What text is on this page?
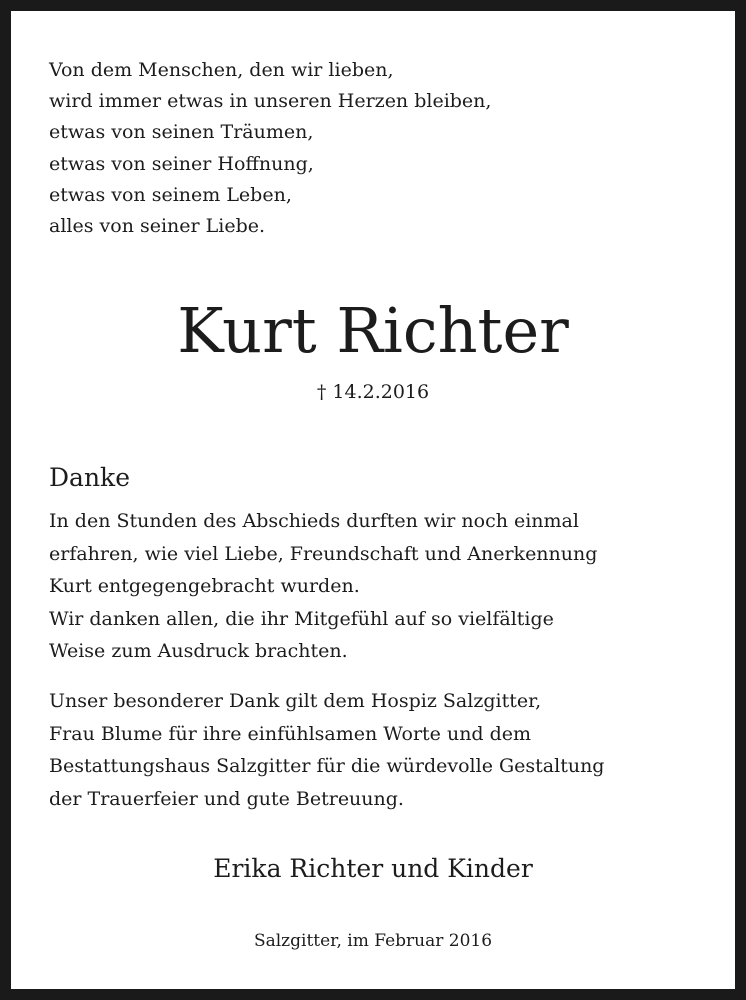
Von dem Menschen, den wir lieben,
wird immer etwas in unseren Herzen bleiben,
etwas von seinen Träumen,
etwas von seiner Hoffnung,
etwas von seinem Leben,
alles von seiner Liebe.
Kurt Richter
† 14.2.2016
Danke
In den Stunden des Abschieds durften wir noch einmal
erfahren, wie viel Liebe, Freundschaft und Anerkennung
Kurt entgegengebracht wurden.
Wir danken allen, die ihr Mitgefühl auf so vielfältige
Weise zum Ausdruck brachten.
Unser besonderer Dank gilt dem Hospiz Salzgitter,
Frau Blume für ihre einfühlsamen Worte und dem
Bestattungshaus Salzgitter für die würdevolle Gestaltung
der Trauerfeier und gute Betreuung.
Erika Richter und Kinder
Salzgitter, im Februar 2016
